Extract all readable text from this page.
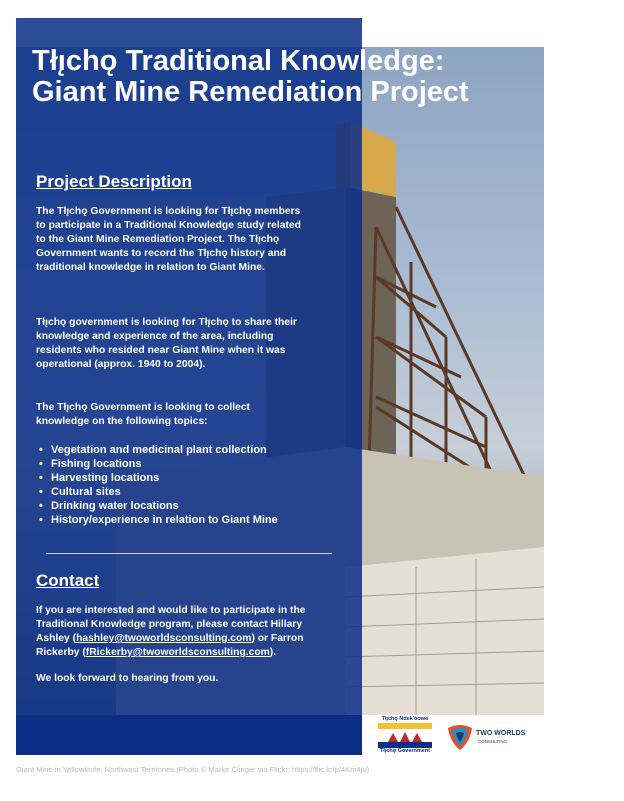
Tłı̨chǫ Traditional Knowledge: Giant Mine Remediation Project
Project Description

The Tłı̨chǫ Government is looking for Tłı̨chǫ members to participate in a Traditional Knowledge study related to the Giant Mine Remediation Project. The Tłı̨chǫ Government wants to record the Tłı̨chǫ history and traditional knowledge in relation to Giant Mine.

Tłı̨chǫ government is looking for Tłı̨chǫ to share their knowledge and experience of the area, including residents who resided near Giant Mine when it was operational (approx. 1940 to 2004).

The Tłı̨chǫ Government is looking to collect knowledge on the following topics:

• Vegetation and medicinal plant collection
• Fishing locations
• Harvesting locations
• Cultural sites
• Drinking water locations
• History/experience in relation to Giant Mine
Contact

If you are interested and would like to participate in the Traditional Knowledge program, please contact Hillary Ashley (hashley@twoworldsconsulting.com) or Farron Rickerby (fRickerby@twoworldsconsulting.com).

We look forward to hearing from you.

Tłı̨chǫ Ndek'òowo
Tłı̨chǫ Government
TWO WORLDS
CONSULTING

Giant Mine in Yellowknife, Northwest Territories (Photo © Marke Clinger via Flickr: https://flic.kr/p/4Km4ju)
